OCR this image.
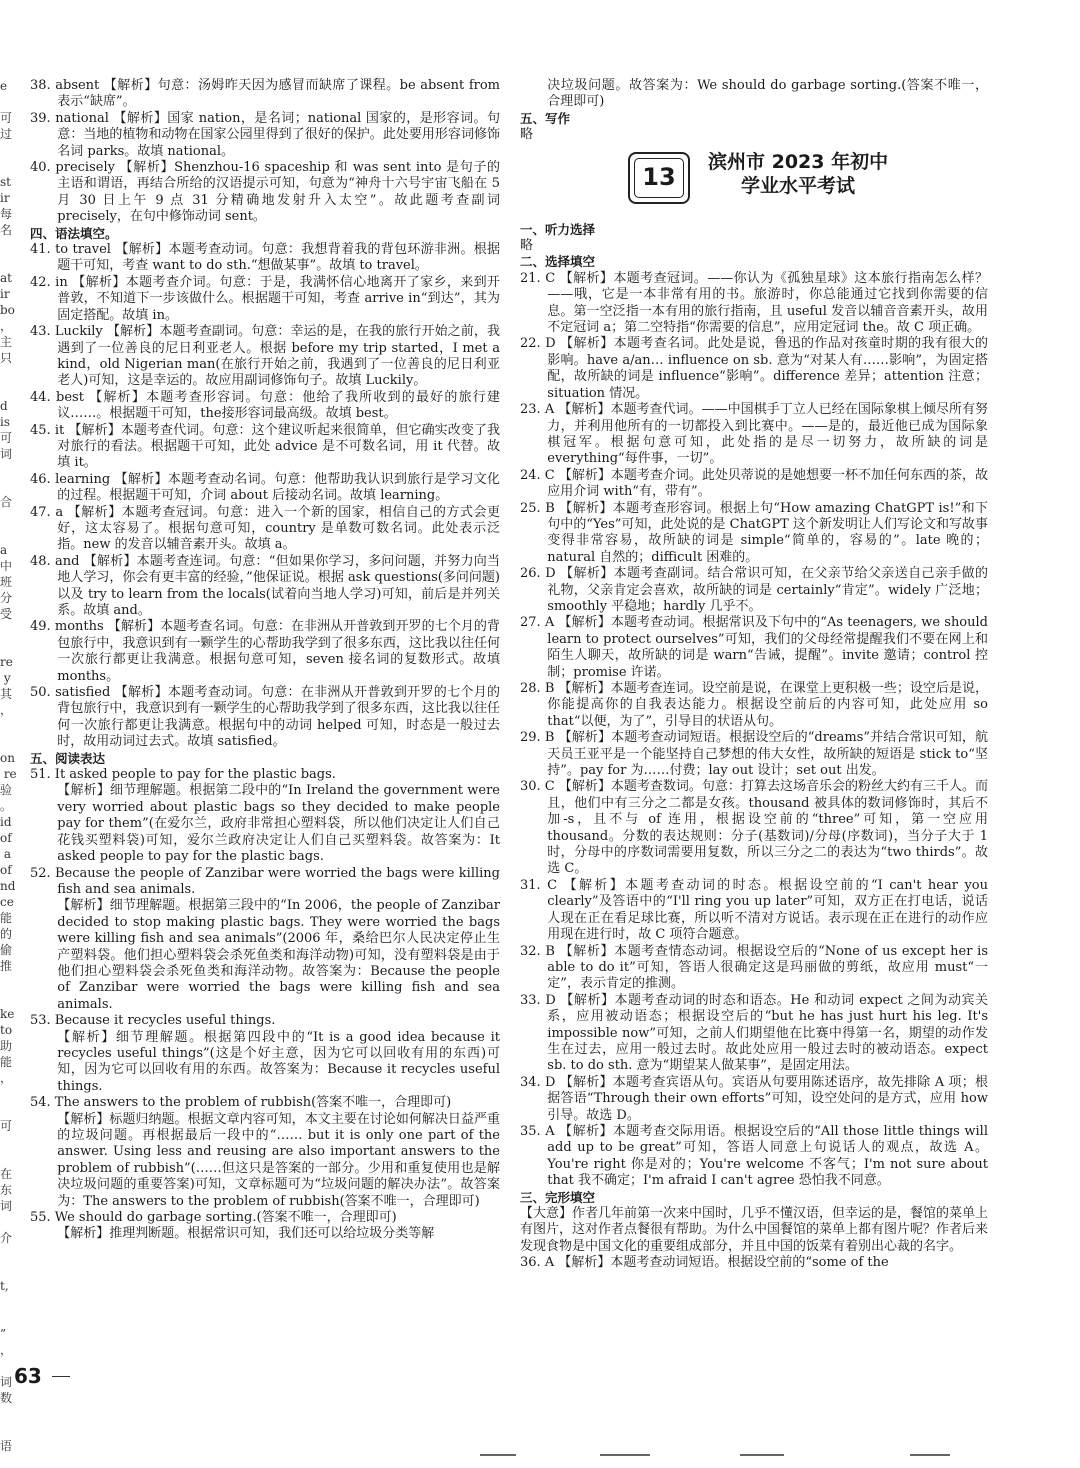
e

可
过

st
ir
每
名

at
ir
bo
，
主
只

d
is
可
词

合

a
中
班
分
受

re
y
其
，

on
re
验
。
id
of
a
of
nd
ce
能
的
偷
推

ke
to
助
能
，

可

在
东
词

介

t,

”
，

词
数

语
38. absent 【解析】句意：汤姆昨天因为感冒而缺席了课程。be absent from 表示“缺席”。
39. national 【解析】国家 nation，是名词；national 国家的，是形容词。句意：当地的植物和动物在国家公园里得到了很好的保护。此处要用形容词修饰名词 parks。故填 national。
40. precisely 【解析】Shenzhou-16 spaceship 和 was sent into 是句子的主语和谓语，再结合所给的汉语提示可知，句意为“神舟十六号宇宙飞船在 5 月 30 日上午 9 点 31 分精确地发射升入太空”。故此题考查副词 precisely，在句中修饰动词 sent。
四、语法填空。
41. to travel 【解析】本题考查动词。句意：我想背着我的背包环游非洲。根据题干可知，考查 want to do sth.“想做某事”。故填 to travel。
42. in 【解析】本题考查介词。句意：于是，我满怀信心地离开了家乡，来到开普敦，不知道下一步该做什么。根据题干可知，考查 arrive in“到达”，其为固定搭配。故填 in。
43. Luckily 【解析】本题考查副词。句意：幸运的是，在我的旅行开始之前，我遇到了一位善良的尼日利亚老人。根据 before my trip started，I met a kind，old Nigerian man(在旅行开始之前，我遇到了一位善良的尼日利亚老人)可知，这是幸运的。故应用副词修饰句子。故填 Luckily。
44. best 【解析】本题考查形容词。句意：他给了我所收到的最好的旅行建议……。根据题干可知，the接形容词最高级。故填 best。
45. it 【解析】本题考查代词。句意：这个建议听起来很简单，但它确实改变了我对旅行的看法。根据题干可知，此处 advice 是不可数名词，用 it 代替。故填 it。
46. learning 【解析】本题考查动名词。句意：他帮助我认识到旅行是学习文化的过程。根据题干可知，介词 about 后接动名词。故填 learning。
47. a 【解析】本题考查冠词。句意：进入一个新的国家，相信自己的方式会更好，这太容易了。根据句意可知，country 是单数可数名词。此处表示泛指。new 的发音以辅音素开头。故填 a。
48. and 【解析】本题考查连词。句意：“但如果你学习，多问问题，并努力向当地人学习，你会有更丰富的经验，”他保证说。根据 ask questions(多问问题)以及 try to learn from the locals(试着向当地人学习)可知，前后是并列关系。故填 and。
49. months 【解析】本题考查名词。句意：在非洲从开普敦到开罗的七个月的背包旅行中，我意识到有一颗学生的心帮助我学到了很多东西，这比我以往任何一次旅行都更让我满意。根据句意可知，seven 接名词的复数形式。故填 months。
50. satisfied 【解析】本题考查动词。句意：在非洲从开普敦到开罗的七个月的背包旅行中，我意识到有一颗学生的心帮助我学到了很多东西，这比我以往任何一次旅行都更让我满意。根据句中的动词 helped 可知，时态是一般过去时，故用动词过去式。故填 satisfied。
五、阅读表达
51. It asked people to pay for the plastic bags.
【解析】细节理解题。根据第二段中的“In Ireland the government were very worried about plastic bags so they decided to make people pay for them”(在爱尔兰，政府非常担心塑料袋，所以他们决定让人们自己花钱买塑料袋)可知，爱尔兰政府决定让人们自己买塑料袋。故答案为：It asked people to pay for the plastic bags.
52. Because the people of Zanzibar were worried the bags were killing fish and sea animals.
【解析】细节理解题。根据第三段中的“In 2006，the people of Zanzibar decided to stop making plastic bags. They were worried the bags were killing fish and sea animals”(2006 年，桑给巴尔人民决定停止生产塑料袋。他们担心塑料袋会杀死鱼类和海洋动物)可知，没有塑料袋是由于他们担心塑料袋会杀死鱼类和海洋动物。故答案为：Because the people of Zanzibar were worried the bags were killing fish and sea animals.
53. Because it recycles useful things.
【解析】细节理解题。根据第四段中的“It is a good idea because it recycles useful things”(这是个好主意，因为它可以回收有用的东西)可知，因为它可以回收有用的东西。故答案为：Because it recycles useful things.
54. The answers to the problem of rubbish(答案不唯一，合理即可)
【解析】标题归纳题。根据文章内容可知，本文主要在讨论如何解决日益严重的垃圾问题。再根据最后一段中的“…… but it is only one part of the answer. Using less and reusing are also important answers to the problem of rubbish”(……但这只是答案的一部分。少用和重复使用也是解决垃圾问题的重要答案)可知，文章标题可为“垃圾问题的解决办法”。故答案为：The answers to the problem of rubbish(答案不唯一，合理即可)
55. We should do garbage sorting.(答案不唯一，合理即可)
【解析】推理判断题。根据常识可知，我们还可以给垃圾分类等解
决垃圾问题。故答案为：We should do garbage sorting.(答案不唯一，合理即可)
五、写作
略
13
滨州市 2023 年初中
学业水平考试
一、听力选择
略
二、选择填空
21. C 【解析】本题考查冠词。——你认为《孤独星球》这本旅行指南怎么样？——哦，它是一本非常有用的书。旅游时，你总能通过它找到你需要的信息。第一空泛指一本有用的旅行指南，且 useful 发音以辅音音素开头，故用不定冠词 a；第二空特指“你需要的信息”，应用定冠词 the。故 C 项正确。
22. D 【解析】本题考查名词。此处是说，鲁迅的作品对孩童时期的我有很大的影响。have a/an… influence on sb. 意为“对某人有……影响”，为固定搭配，故所缺的词是 influence“影响”。difference 差异；attention 注意；situation 情况。
23. A 【解析】本题考查代词。——中国棋手丁立人已经在国际象棋上倾尽所有努力，并利用他所有的一切都投入到比赛中。——是的，最近他已成为国际象棋冠军。根据句意可知，此处指的是尽一切努力，故所缺的词是 everything“每件事，一切”。
24. C 【解析】本题考查介词。此处贝蒂说的是她想要一杯不加任何东西的茶，故应用介词 with“有，带有”。
25. B 【解析】本题考查形容词。根据上句“How amazing ChatGPT is!”和下句中的“Yes”可知，此处说的是 ChatGPT 这个新发明让人们写论文和写故事变得非常容易，故所缺的词是 simple“简单的，容易的”。late 晚的；natural 自然的；difficult 困难的。
26. D 【解析】本题考查副词。结合常识可知，在父亲节给父亲送自己亲手做的礼物，父亲肯定会喜欢，故所缺的词是 certainly“肯定”。widely 广泛地；smoothly 平稳地；hardly 几乎不。
27. A 【解析】本题考查动词。根据常识及下句中的“As teenagers, we should learn to protect ourselves”可知，我们的父母经常提醒我们不要在网上和陌生人聊天，故所缺的词是 warn“告诫，提醒”。invite 邀请；control 控制；promise 许诺。
28. B 【解析】本题考查连词。设空前是说，在课堂上更积极一些；设空后是说，你能提高你的自我表达能力。根据设空前后的内容可知，此处应用 so that“以便，为了”，引导目的状语从句。
29. B 【解析】本题考查动词短语。根据设空后的“dreams”并结合常识可知，航天员王亚平是一个能坚持自己梦想的伟大女性，故所缺的短语是 stick to“坚持”。pay for 为……付费；lay out 设计；set out 出发。
30. C 【解析】本题考查数词。句意：打算去这场音乐会的粉丝大约有三千人。而且，他们中有三分之二都是女孩。thousand 被具体的数词修饰时，其后不加-s，且不与 of 连用，根据设空前的“three”可知，第一空应用 thousand。分数的表达规则：分子(基数词)/分母(序数词)，当分子大于 1 时，分母中的序数词需要用复数，所以三分之二的表达为“two thirds”。故选 C。
31. C 【解析】本题考查动词的时态。根据设空前的“I can't hear you clearly”及答语中的“I'll ring you up later”可知，双方正在打电话，说话人现在正在看足球比赛，所以听不清对方说话。表示现在正在进行的动作应用现在进行时，故 C 项符合题意。
32. B 【解析】本题考查情态动词。根据设空后的“None of us except her is able to do it”可知，答语人很确定这是玛丽做的剪纸，故应用 must“一定”，表示肯定的推测。
33. D 【解析】本题考查动词的时态和语态。He 和动词 expect 之间为动宾关系，应用被动语态；根据设空后的“but he has just hurt his leg. It's impossible now”可知，之前人们期望他在比赛中得第一名，期望的动作发生在过去，应用一般过去时。故此处应用一般过去时的被动语态。expect sb. to do sth. 意为“期望某人做某事”，是固定用法。
34. D 【解析】本题考查宾语从句。宾语从句要用陈述语序，故先排除 A 项；根据答语“Through their own efforts”可知，设空处问的是方式，应用 how 引导。故选 D。
35. A 【解析】本题考查交际用语。根据设空后的“All those little things will add up to be great”可知，答语人同意上句说话人的观点，故选 A。You're right 你是对的；You're welcome 不客气；I'm not sure about that 我不确定；I'm afraid I can't agree 恐怕我不同意。
三、完形填空
【大意】作者几年前第一次来中国时，几乎不懂汉语，但幸运的是，餐馆的菜单上有图片，这对作者点餐很有帮助。为什么中国餐馆的菜单上都有图片呢？作者后来发现食物是中国文化的重要组成部分，并且中国的饭菜有着别出心裁的名字。
36. A 【解析】本题考查动词短语。根据设空前的“some of the
63
